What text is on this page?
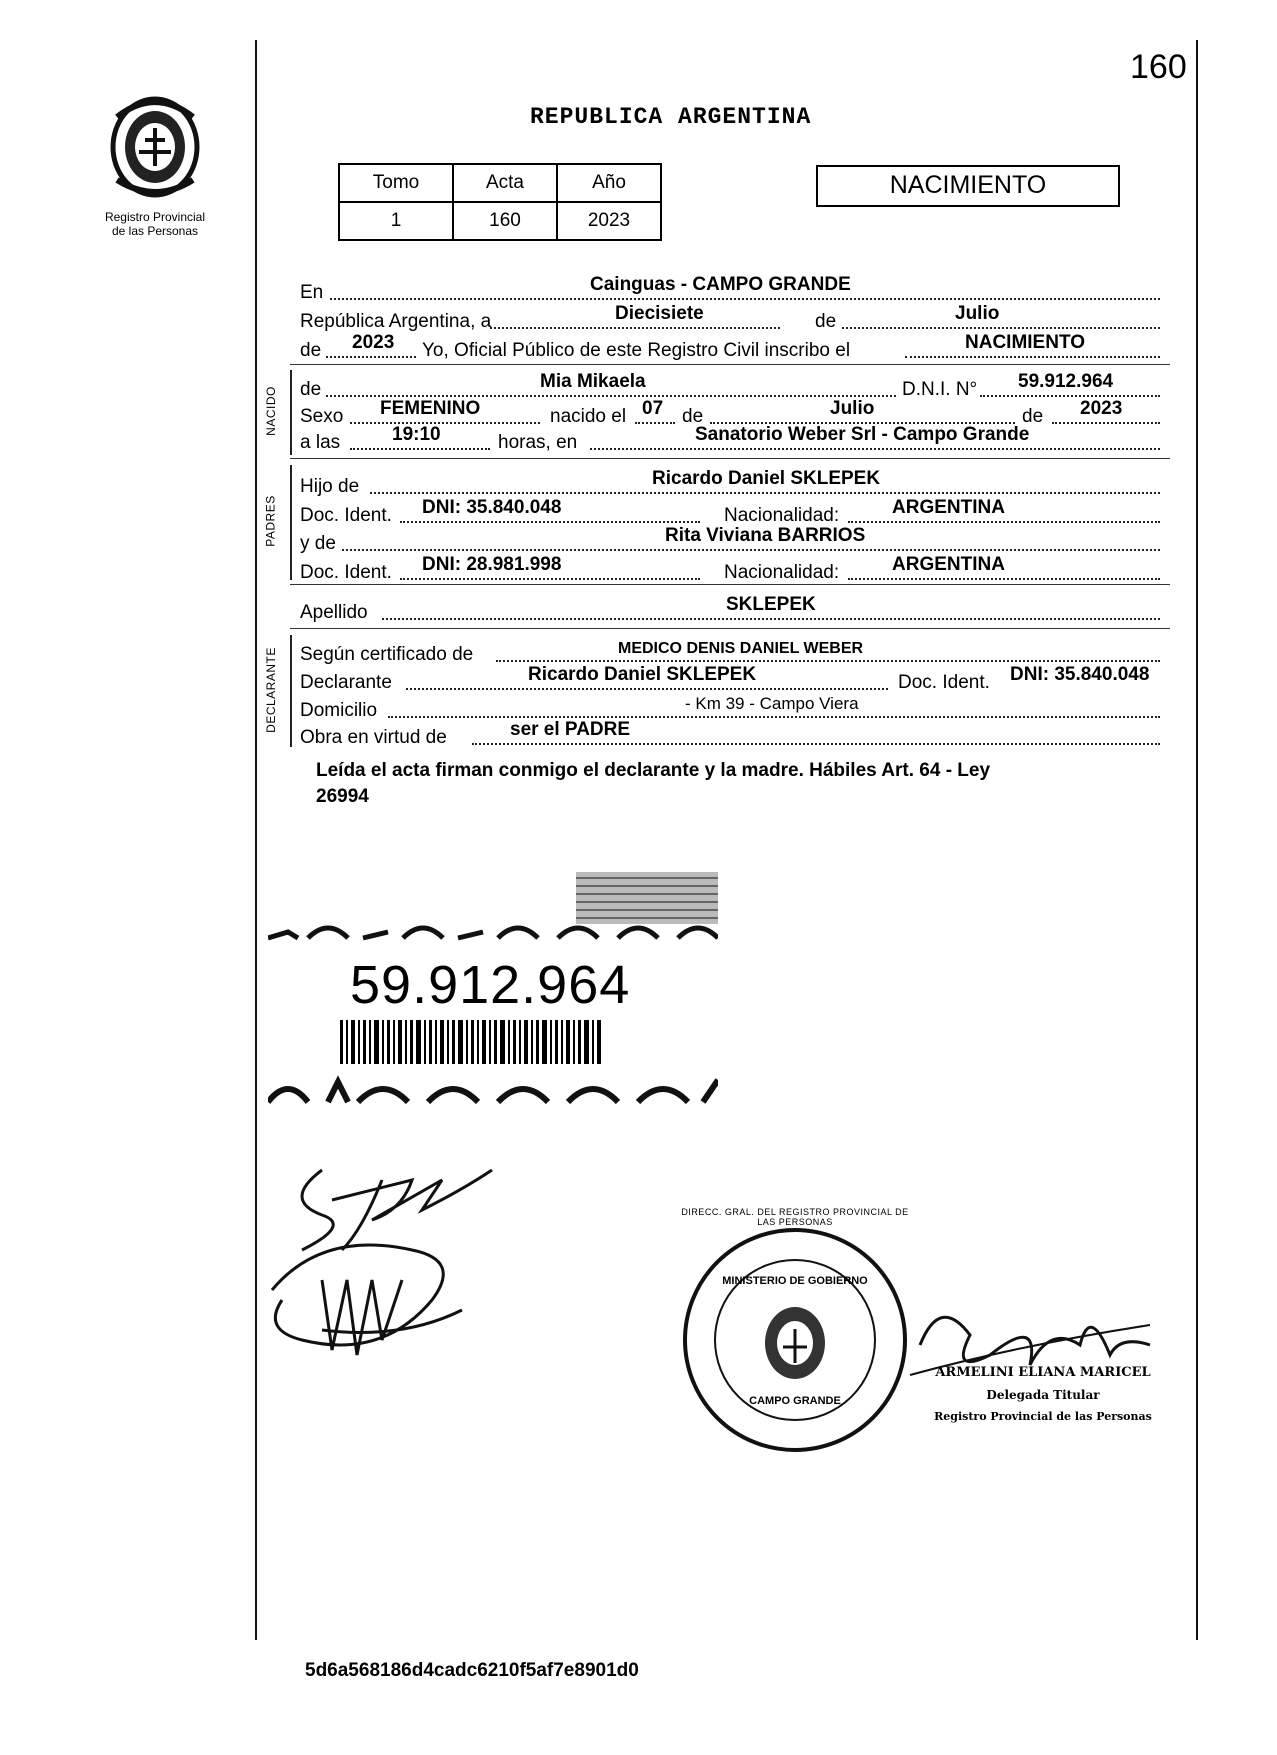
160
Registro Provincial
de las Personas
REPUBLICA ARGENTINA
Tomo	Acta	Año
1	160	2023
NACIMIENTO
En	Cainguas - CAMPO GRANDE
República Argentina, a	Diecisiete	de	Julio
de 2023 Yo, Oficial Público de este Registro Civil inscribo el	NACIMIENTO
NACIDO de	Mia Mikaela	D.N.I. N° 59.912.964
Sexo FEMENINO	nacido el 07 de	Julio	de 2023
a las	19:10	horas, en	Sanatorio Weber Srl - Campo Grande
PADRES
Hijo de	Ricardo Daniel SKLEPEK
Doc. Ident. DNI: 35.840.048	Nacionalidad:	ARGENTINA
y de	Rita Viviana BARRIOS
Doc. Ident. DNI: 28.981.998	Nacionalidad:	ARGENTINA
Apellido	SKLEPEK
DECLARANTE Según certificado de	MEDICO DENIS DANIEL WEBER
Declarante	Ricardo Daniel SKLEPEK	Doc. Ident. DNI: 35.840.048
Domicilio	- Km 39 - Campo Viera
Obra en virtud de	ser el PADRE
Leída el acta firman conmigo el declarante y la madre. Hábiles Art. 64 - Ley
26994
59.912.964
DIRECC. GRAL. DEL REGISTRO PROVINCIAL DE LAS PERSONAS
MINISTERIO DE GOBIERNO
CAMPO GRANDE
ARMELINI ELIANA MARICEL
Delegada Titular
Registro Provincial de las Personas
5d6a568186d4cadc6210f5af7e8901d0
